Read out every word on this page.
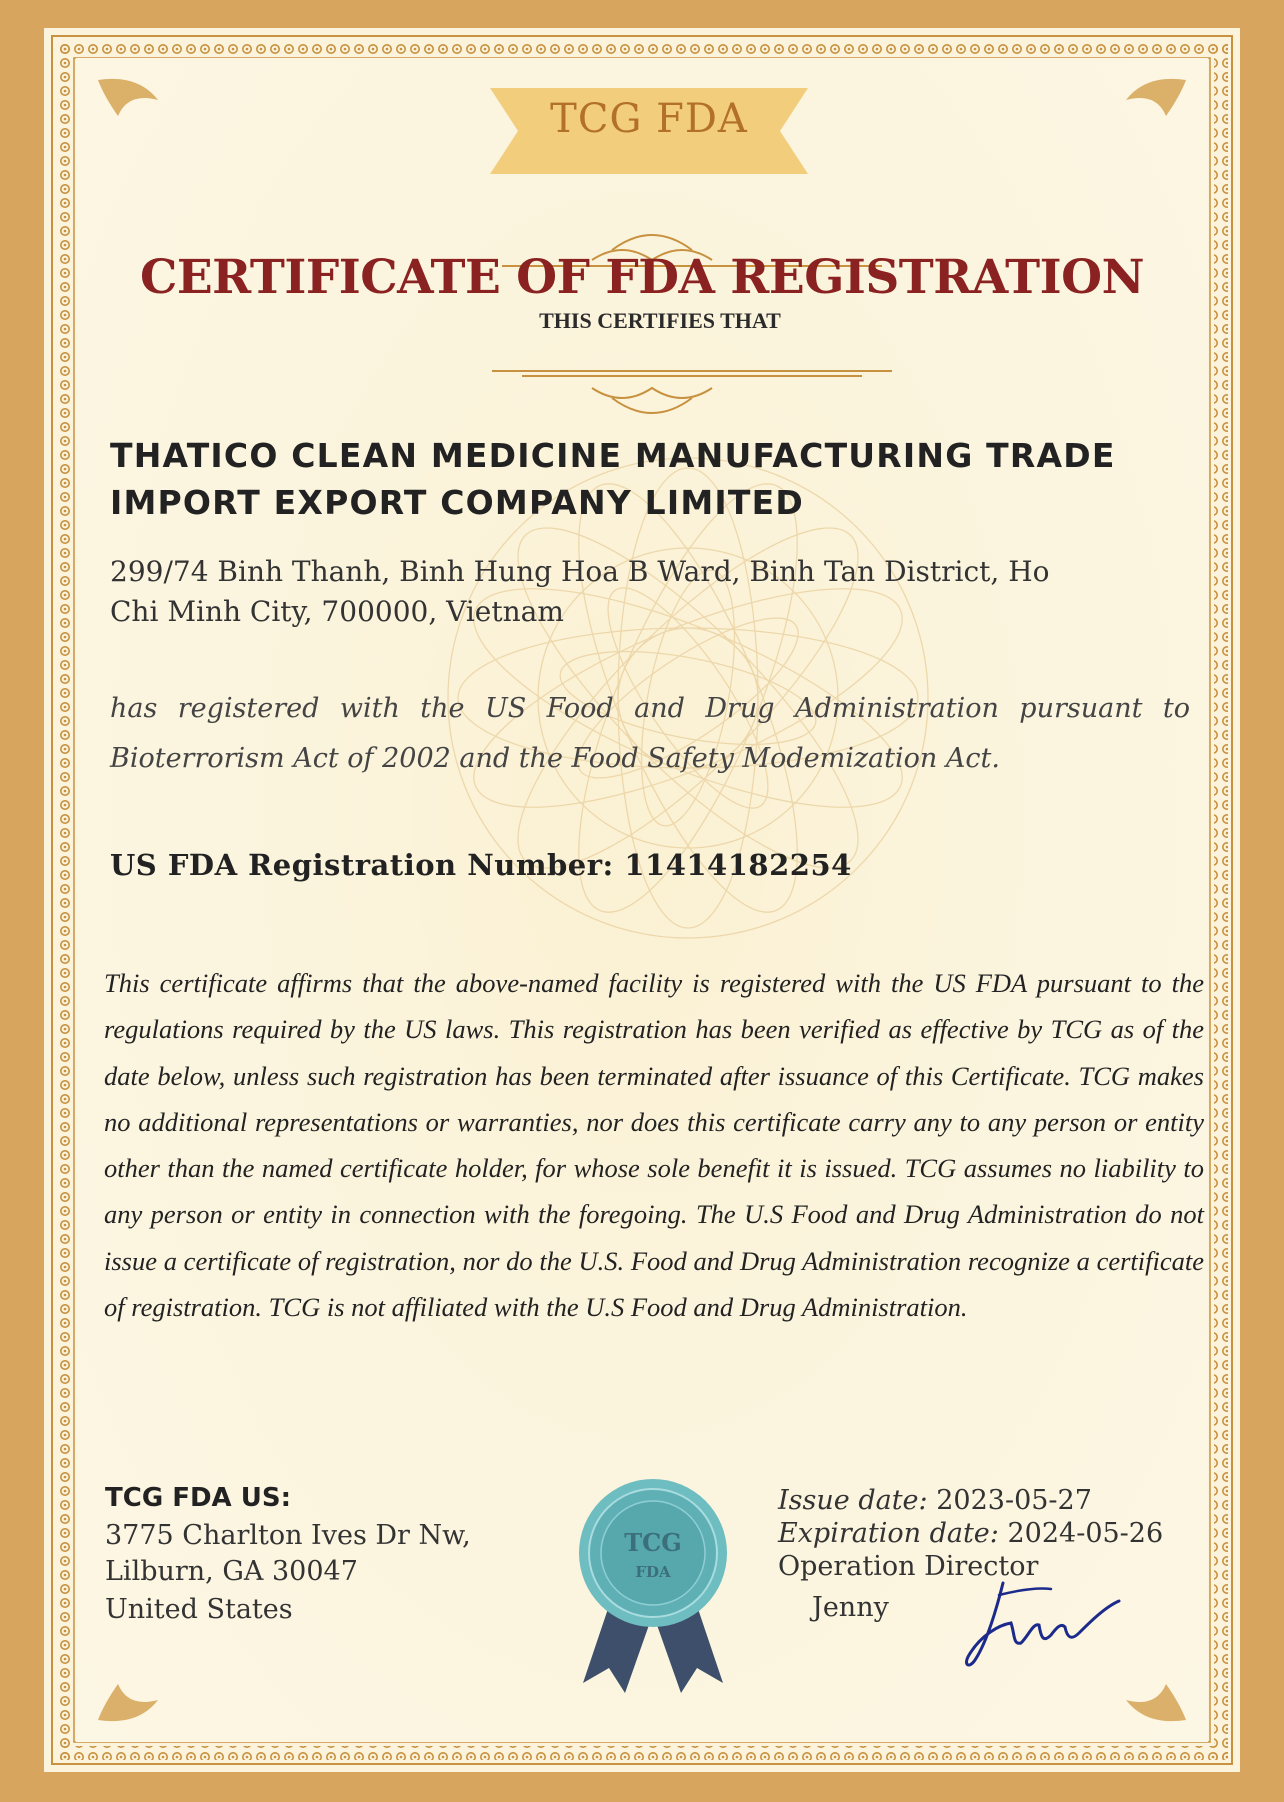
TCG FDA
CERTIFICATE OF FDA REGISTRATION
THIS CERTIFIES THAT
THATICO CLEAN MEDICINE MANUFACTURING TRADE
IMPORT EXPORT COMPANY LIMITED
299/74 Binh Thanh, Binh Hung Hoa B Ward, Binh Tan District, Ho
Chi Minh City, 700000, Vietnam
has registered with the US Food and Drug Administration pursuant to Bioterrorism Act of 2002 and the Food Safety Modemization Act.
US FDA Registration Number: 11414182254
This certificate affirms that the above-named facility is registered with the US FDA pursuant to the regulations required by the US laws. This registration has been verified as effective by TCG as of the date below, unless such registration has been terminated after issuance of this Certificate. TCG makes no additional representations or warranties, nor does this certificate carry any to any person or entity other than the named certificate holder, for whose sole benefit it is issued. TCG assumes no liability to any person or entity in connection with the foregoing. The U.S Food and Drug Administration do not issue a certificate of registration, nor do the U.S. Food and Drug Administration recognize a certificate of registration. TCG is not affiliated with the U.S Food and Drug Administration.
TCG FDA US:
3775 Charlton Ives Dr Nw,
Lilburn, GA 30047
United States
TCG
FDA
Issue date: 2023-05-27
Expiration date: 2024-05-26
Operation Director
Jenny
